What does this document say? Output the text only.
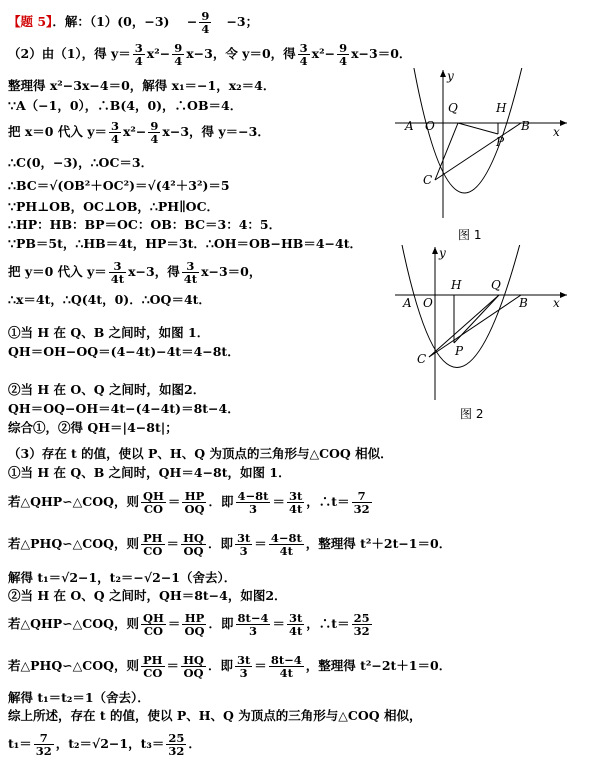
【题 5】．解：（1）(0，−3)    − $\frac{9}{4} -3$；
（2）由（1），得 $y= \frac{3}{4} x^2- \frac{9}{4} x-3$，令 y＝0，得 $\frac{3}{4} x^2- \frac{9}{4} x-3=0$．
整理得 x²−3x−4＝0，解得 x₁＝−1，x₂＝4．
∵A（−1，0），∴B(4，0)，∴OB＝4．
把 x＝0 代入 $y= \frac{3}{4} x^2- \frac{9}{4} x-3$，得 y＝−3．
∴C(0，−3)，∴OC＝3．
∴BC＝√(OB²＋OC²)＝√(4²＋3²)＝5
∵PH⊥OB，OC⊥OB，∴PH∥OC．
∴HP：HB：BP＝OC：OB：BC＝3：4：5．
∵PB＝5t，∴HB＝4t，HP＝3t．∴OH＝OB−HB＝4−4t．
把 y＝0 代入 $y= \frac{3}{4t} x-3$，得 $\frac{3}{4t} x-3=0$，
∴x＝4t，∴Q(4t，0)．∴OQ＝4t．
①当 H 在 Q、B 之间时，如图 1．
QH＝OH−OQ＝(4−4t)−4t＝4−8t．
②当 H 在 O、Q 之间时，如图2．
QH＝OQ−OH＝4t−(4−4t)＝8t−4．
综合①，②得 QH＝|4−8t|；
（3）存在 t 的值，使以 P、H、Q 为顶点的三角形与△COQ 相似．
①当 H 在 Q、B 之间时，QH＝4−8t，如图 1．
若△QHP∽△COQ，则 $\frac{QH}{CO} = \frac{HP}{OQ}$ ．即 $\frac{4-8t}{3} = \frac{3t}{4t}$ ，∴t＝ $\frac{7}{32}$
若△PHQ∽△COQ，则 $\frac{PH}{CO} = \frac{HQ}{OQ}$ ．即 $\frac{3t}{3} = \frac{4-8t}{4t}$ ，整理得 t²＋2t−1＝0．
解得 t₁＝√2−1，t₂＝−√2−1（舍去）．
②当 H 在 O、Q 之间时，QH＝8t−4，如图2．
若△QHP∽△COQ，则 $\frac{QH}{CO} = \frac{HP}{OQ}$ ．即 $\frac{8t-4}{3} = \frac{3t}{4t}$ ，∴t＝ $\frac{25}{32}$
若△PHQ∽△COQ，则 $\frac{PH}{CO} = \frac{HQ}{OQ}$ ．即 $\frac{3t}{3} = \frac{8t-4}{4t}$ ，整理得 t²−2t＋1＝0．
解得 t₁＝t₂＝1（舍去）．
综上所述，存在 t 的值，使以 P、H、Q 为顶点的三角形与△COQ 相似，
$t_1= \frac{7}{32}$ ，t₂＝√2−1，$t_3= \frac{25}{32}$ ．
y
x
A O	B
C
Q	H
P
图 1
y
x
A O	B
C
H Q
P
图 2
